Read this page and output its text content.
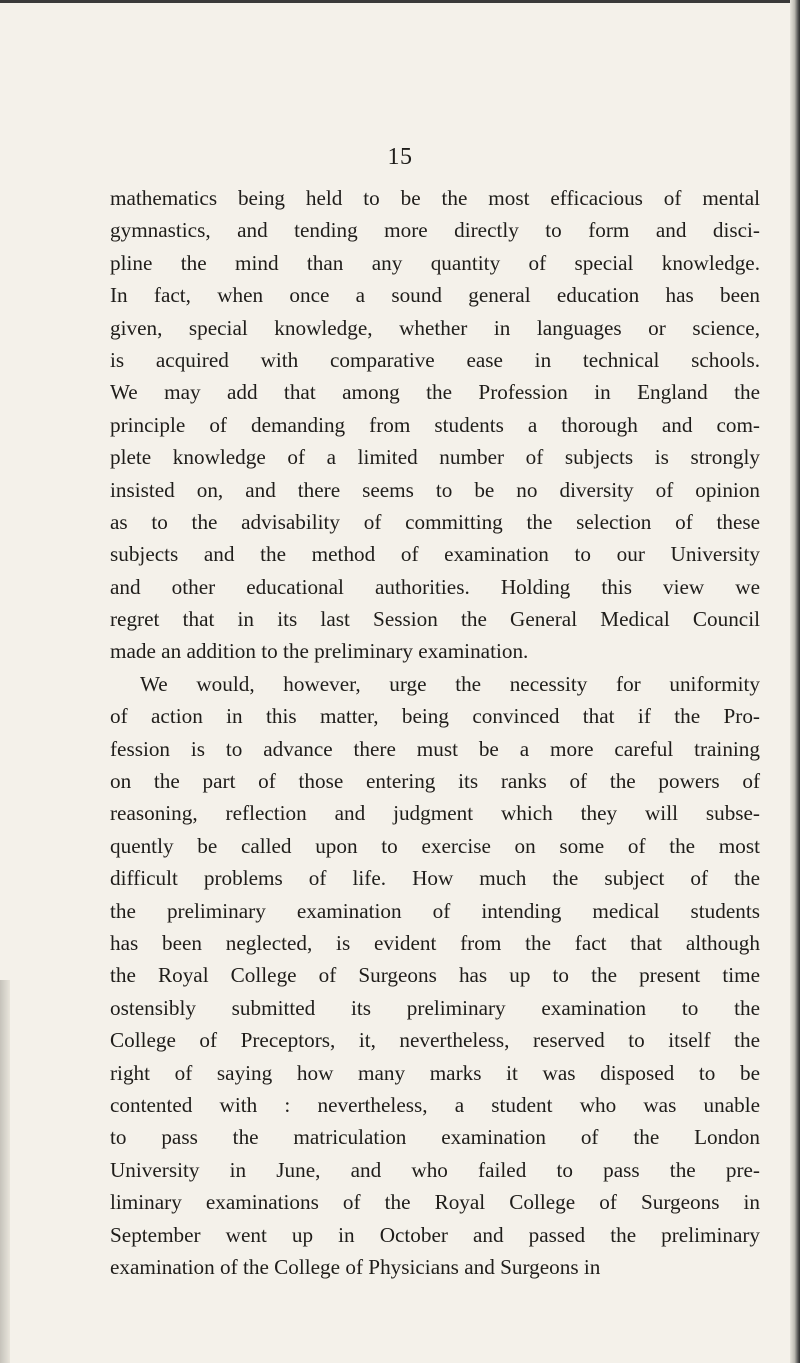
15
mathematics being held to be the most efficacious of mental
gymnastics, and tending more directly to form and disci-
pline the mind than any quantity of special knowledge.
In fact, when once a sound general education has been
given, special knowledge, whether in languages or science,
is acquired with comparative ease in technical schools.
We may add that among the Profession in England the
principle of demanding from students a thorough and com-
plete knowledge of a limited number of subjects is strongly
insisted on, and there seems to be no diversity of opinion
as to the advisability of committing the selection of these
subjects and the method of examination to our University
and other educational authorities. Holding this view we
regret that in its last Session the General Medical Council
made an addition to the preliminary examination.
We would, however, urge the necessity for uniformity
of action in this matter, being convinced that if the Pro-
fession is to advance there must be a more careful training
on the part of those entering its ranks of the powers of
reasoning, reflection and judgment which they will subse-
quently be called upon to exercise on some of the most
difficult problems of life. How much the subject of the
the preliminary examination of intending medical students
has been neglected, is evident from the fact that although
the Royal College of Surgeons has up to the present time
ostensibly submitted its preliminary examination to the
College of Preceptors, it, nevertheless, reserved to itself the
right of saying how many marks it was disposed to be
contented with : nevertheless, a student who was unable
to pass the matriculation examination of the London
University in June, and who failed to pass the pre-
liminary examinations of the Royal College of Surgeons in
September went up in October and passed the preliminary
examination of the College of Physicians and Surgeons in
